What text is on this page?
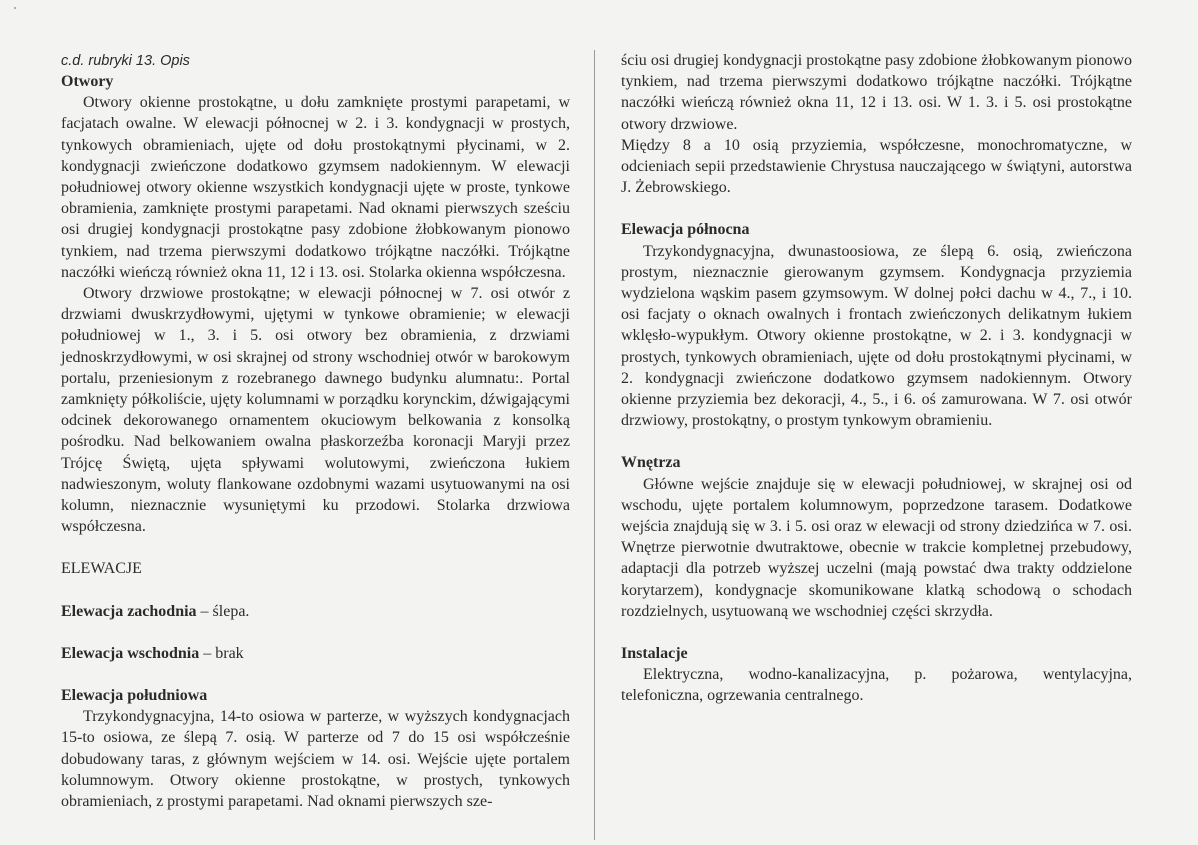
c.d. rubryki 13. Opis

Otwory

Otwory okienne prostokątne, u dołu zamknięte prostymi parapetami, w facjatach owalne. W elewacji północnej w 2. i 3. kondygnacji w prostych, tynkowych obramieniach, ujęte od dołu prostokątnymi płycinami, w 2. kondygnacji zwieńczone dodatkowo gzymsem nadokiennym. W elewacji południowej otwory okienne wszystkich kondygnacji ujęte w proste, tynkowe obramienia, zamknięte prostymi parapetami. Nad oknami pierwszych sześciu osi drugiej kondygnacji prostokątne pasy zdobione żłobkowanym pionowo tynkiem, nad trzema pierwszymi dodatkowo trójkątne naczółki. Trójkątne naczółki wieńczą również okna 11, 12 i 13. osi. Stolarka okienna współczesna.

Otwory drzwiowe prostokątne; w elewacji północnej w 7. osi otwór z drzwiami dwuskrzydłowymi, ujętymi w tynkowe obramienie; w elewacji południowej w 1., 3. i 5. osi otwory bez obramienia, z drzwiami jednoskrzydłowymi, w osi skrajnej od strony wschodniej otwór w barokowym portalu, przeniesionym z rozebranego dawnego budynku alumnatu:. Portal zamknięty półkoliście, ujęty kolumnami w porządku korynckim, dźwigającymi odcinek dekorowanego ornamentem okuciowym belkowania z konsolką pośrodku. Nad belkowaniem owalna płaskorzeźba koronacji Maryji przez Trójcę Świętą, ujęta spływami wolutowymi, zwieńczona łukiem nadwieszonym, woluty flankowane ozdobnymi wazami usytuowanymi na osi kolumn, nieznacznie wysuniętymi ku przodowi. Stolarka drzwiowa współczesna.

ELEWACJE

Elewacja zachodnia – ślepa.

Elewacja wschodnia – brak

Elewacja południowa

Trzykondygnacyjna, 14-to osiowa w parterze, w wyższych kondygnacjach 15-to osiowa, ze ślepą 7. osią. W parterze od 7 do 15 osi współcześnie dobudowany taras, z głównym wejściem w 14. osi. Wejście ujęte portalem kolumnowym. Otwory okienne prostokątne, w prostych, tynkowych obramieniach, z prostymi parapetami. Nad oknami pierwszych sze-

ściu osi drugiej kondygnacji prostokątne pasy zdobione żłobkowanym pionowo tynkiem, nad trzema pierwszymi dodatkowo trójkątne naczółki. Trójkątne naczółki wieńczą również okna 11, 12 i 13. osi. W 1. 3. i 5. osi prostokątne otwory drzwiowe.

Między 8 a 10 osią przyziemia, współczesne, monochromatyczne, w odcieniach sepii przedstawienie Chrystusa nauczającego w świątyni, autorstwa J. Żebrowskiego.

Elewacja północna

Trzykondygnacyjna, dwunastoosiowa, ze ślepą 6. osią, zwieńczona prostym, nieznacznie gierowanym gzymsem. Kondygnacja przyziemia wydzielona wąskim pasem gzymsowym. W dolnej połci dachu w 4., 7., i 10. osi facjaty o oknach owalnych i frontach zwieńczonych delikatnym łukiem wklęsło-wypukłym. Otwory okienne prostokątne, w 2. i 3. kondygnacji w prostych, tynkowych obramieniach, ujęte od dołu prostokątnymi płycinami, w 2. kondygnacji zwieńczone dodatkowo gzymsem nadokiennym. Otwory okienne przyziemia bez dekoracji, 4., 5., i 6. oś zamurowana. W 7. osi otwór drzwiowy, prostokątny, o prostym tynkowym obramieniu.

Wnętrza

Główne wejście znajduje się w elewacji południowej, w skrajnej osi od wschodu, ujęte portalem kolumnowym, poprzedzone tarasem. Dodatkowe wejścia znajdują się w 3. i 5. osi oraz w elewacji od strony dziedzińca w 7. osi. Wnętrze pierwotnie dwutraktowe, obecnie w trakcie kompletnej przebudowy, adaptacji dla potrzeb wyższej uczelni (mają powstać dwa trakty oddzielone korytarzem), kondygnacje skomunikowane klatką schodową o schodach rozdzielnych, usytuowaną we wschodniej części skrzydła.

Instalacje

Elektryczna, wodno-kanalizacyjna, p. pożarowa, wentylacyjna, telefoniczna, ogrzewania centralnego.
